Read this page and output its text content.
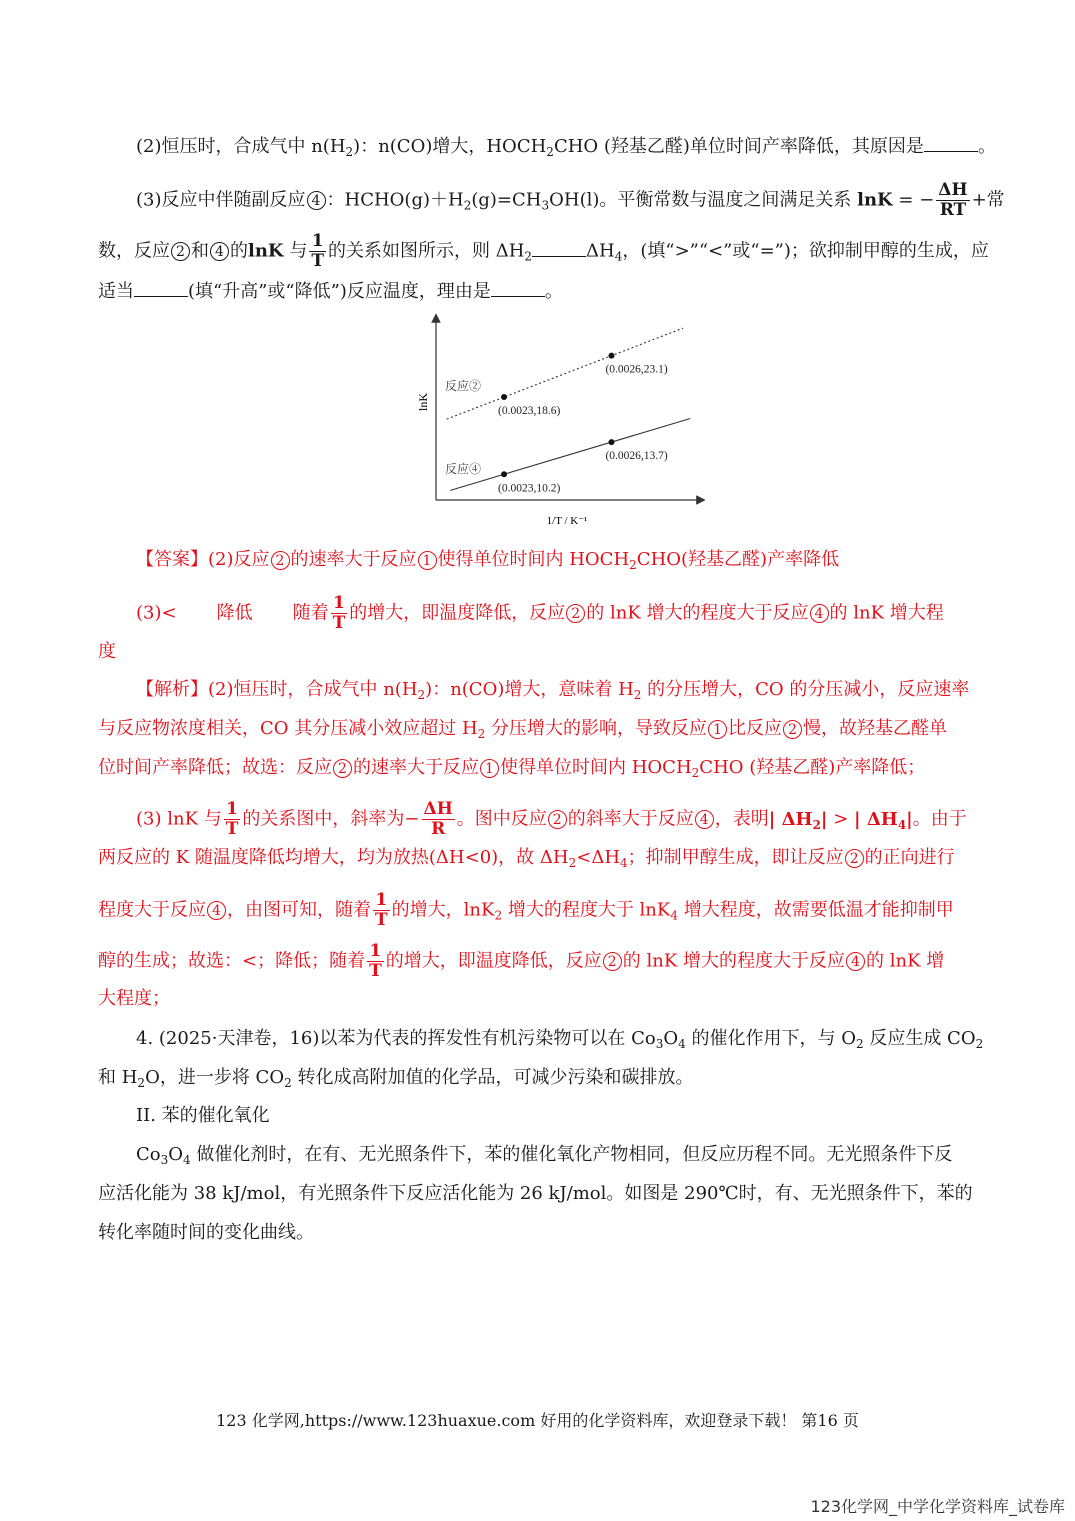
(2)恒压时，合成气中 $n(H_2)$：n(CO)增大，$HOCH_2CHO$ (羟基乙醛)单位时间产率降低，其原因是	。
(3)反应中伴随副反应 4 ：$HCHO(g)+H_2(g)=CH_3OH(l)$。平衡常数与温度之间满足关系 lnK = − $\frac{\Delta H}{RT}$ +常
数，反应 2 和 4 的lnK 与 $\frac{1}{T}$ 的关系如图所示，则 $\Delta H_2$	$\Delta H_4$，(填“>”“<”或“=”)；欲抑制甲醇的生成，应
适当	(填“升高”或“降低”)反应温度，理由是	。
lnK
反应②
(0.0023,18.6)
(0.0026,23.1)
反应④
(0.0023,10.2)
(0.0026,13.7)
1/T / K⁻¹
【答案】(2)反应 2 的速率大于反应 1 使得单位时间内 $HOCH_2CHO$(羟基乙醛)产率降低
(3)< 降低 随着 $\frac{1}{T}$ 的增大，即温度降低，反应 2 的 lnK 增大的程度大于反应 4 的 lnK 增大程
度
【解析】(2)恒压时，合成气中 $n(H_2)$：n(CO)增大，意味着 $H_2$ 的分压增大，CO 的分压减小，反应速率
与反应物浓度相关，CO 其分压减小效应超过 $H_2$ 分压增大的影响，导致反应 1 比反应 2 慢，故羟基乙醛单
位时间产率降低；故选：反应 2 的速率大于反应 1 使得单位时间内 $HOCH_2CHO$ (羟基乙醛)产率降低；
(3) lnK 与 $\frac{1}{T}$ 的关系图中，斜率为− $\frac{\Delta H}{R}$ 。图中反应 2 的斜率大于反应 4 ，表明| $\Delta H_2|$ > | $\Delta H_4|$。由于
两反应的 K 随温度降低均增大，均为放热(ΔH<0)，故 $\Delta H_2<\Delta H_4$；抑制甲醇生成，即让反应 2 的正向进行
程度大于反应 4 ，由图可知，随着 $\frac{1}{T}$ 的增大，lnK$_2$ 增大的程度大于 lnK$_4$ 增大程度，故需要低温才能抑制甲
醇的生成；故选：<；降低；随着 $\frac{1}{T}$ 的增大，即温度降低，反应 2 的 lnK 增大的程度大于反应 4 的 lnK 增
大程度；
4. (2025·天津卷，16)以苯为代表的挥发性有机污染物可以在 $Co_3O_4$ 的催化作用下，与 $O_2$ 反应生成 $CO_2$
和 $H_2O$，进一步将 $CO_2$ 转化成高附加值的化学品，可减少污染和碳排放。
II. 苯的催化氧化
$Co_3O_4$ 做催化剂时，在有、无光照条件下，苯的催化氧化产物相同，但反应历程不同。无光照条件下反
应活化能为 38 kJ/mol，有光照条件下反应活化能为 26 kJ/mol。如图是 290℃时，有、无光照条件下，苯的
转化率随时间的变化曲线。
123 化学网,https://www.123huaxue.com 好用的化学资料库，欢迎登录下载！ 第16 页
123化学网_中学化学资料库_试卷库
